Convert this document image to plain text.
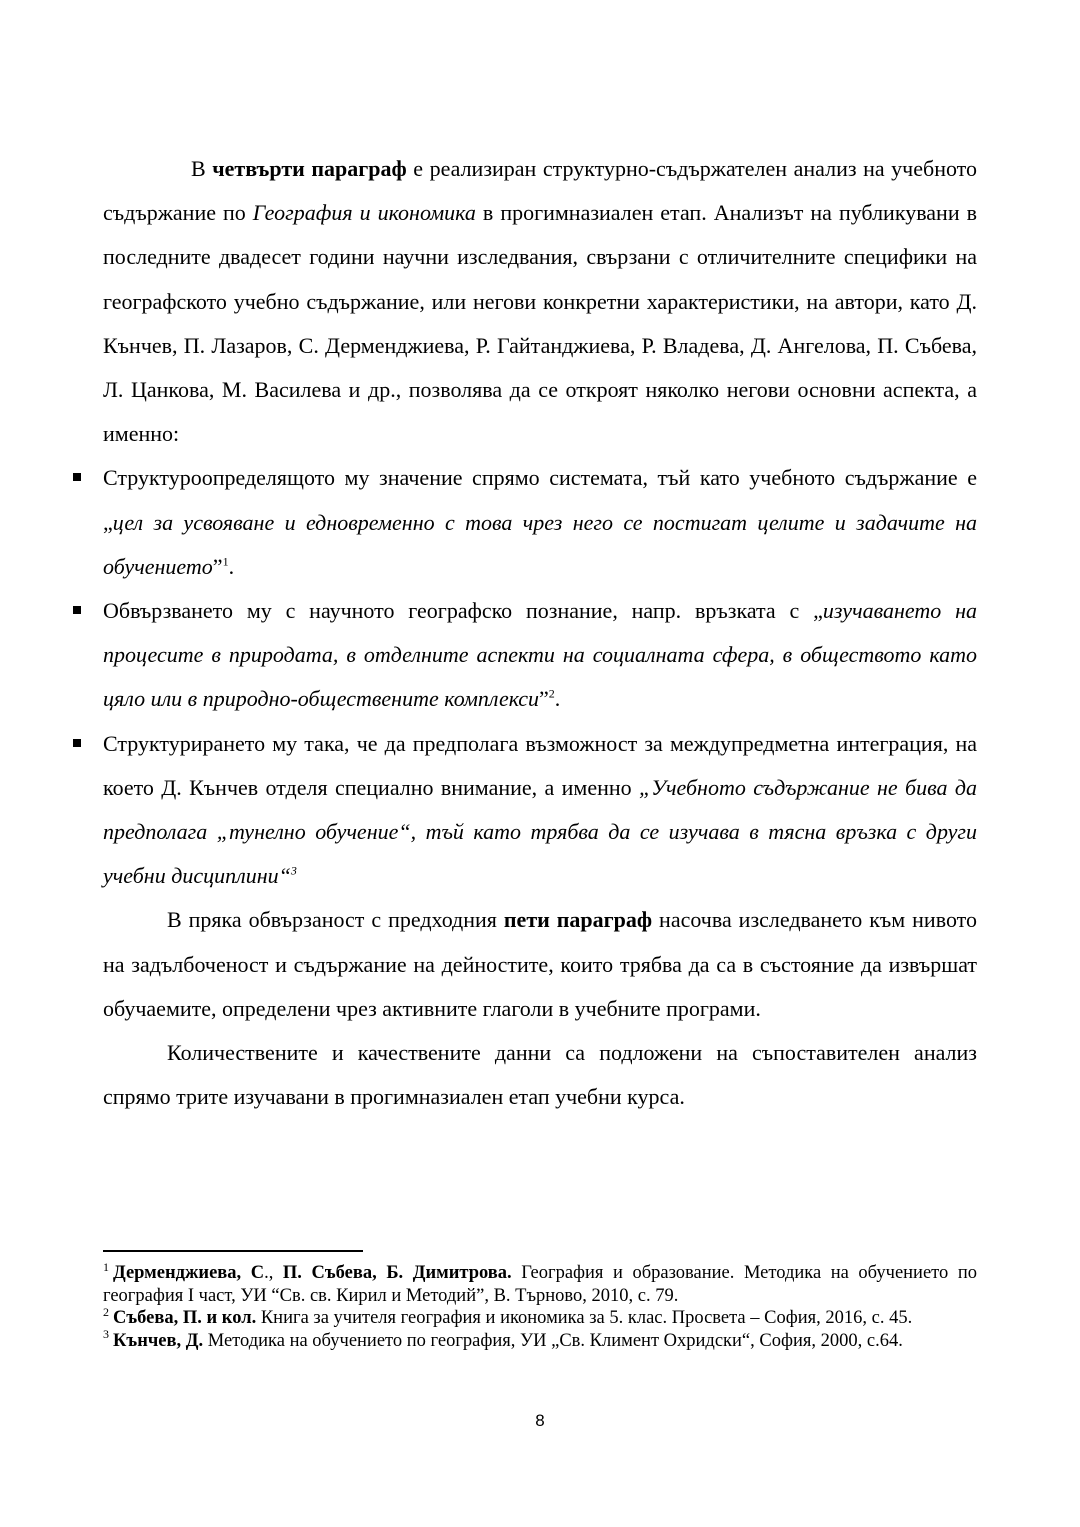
В четвърти параграф е реализиран структурно-съдържателен анализ на учебното съдържание по География и икономика в прогимназиален етап. Анализът на публикувани в последните двадесет години научни изследвания, свързани с отличителните специфики на географското учебно съдържание, или негови конкретни характеристики, на автори, като Д. Кънчев, П. Лазаров, С. Дерменджиева, Р. Гайтанджиева, Р. Владева, Д. Ангелова, П. Събева, Л. Цанкова, М. Василева и др., позволява да се откроят няколко негови основни аспекта, а именно:

Структуроопределящото му значение спрямо системата, тъй като учебното съдържание е „цел за усвояване и едновременно с това чрез него се постигат целите и задачите на обучението”$^1$.
Обвързването му с научното географско познание, напр. връзката с „изучаването на процесите в природата, в отделните аспекти на социалната сфера, в обществото като цяло или в природно-обществените комплекси”$^2$.
Структурирането му така, че да предполага възможност за междупредметна интеграция, на което Д. Кънчев отделя специално внимание, а именно „Учебното съдържание не бива да предполага „тунелно обучение“, тъй като трябва да се изучава в тясна връзка с други учебни дисциплини“$^3$

В пряка обвързаност с предходния пети параграф насочва изследването към нивото на задълбоченост и съдържание на дейностите, които трябва да са в състояние да извършат обучаемите, определени чрез активните глаголи в учебните програми.

Количествените и качествените данни са подложени на съпоставителен анализ спрямо трите изучавани в прогимназиален етап учебни курса.

$^1$ Дерменджиева, С., П. Събева, Б. Димитрова. География и образование. Методика на обучението по география І част, УИ “Св. св. Кирил и Методий”, В. Търново, 2010, с. 79.

$^2$ Събева, П. и кол. Книга за учителя география и икономика за 5. клас. Просвета – София, 2016, с. 45.

$^3$ Кънчев, Д. Методика на обучението по география, УИ „Св. Климент Охридски“, София, 2000, с.64.

8
